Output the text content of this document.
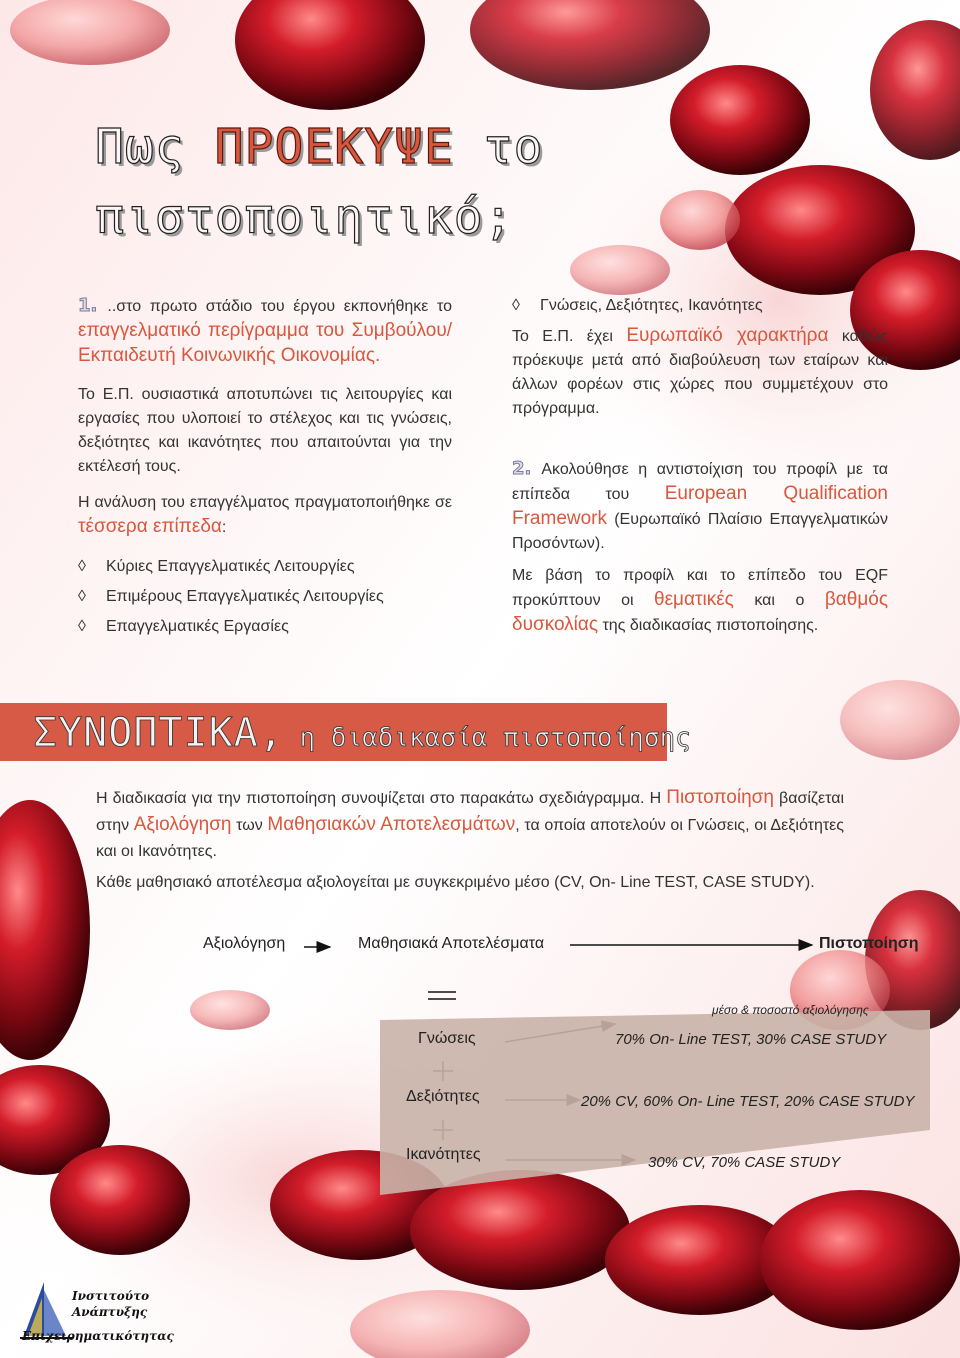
Πως ΠΡΟΕΚΥΨΕ το
πιστοποιητικό;

1. ..στο πρωτο στάδιο του έργου εκπονήθηκε το επαγγελματικό περίγραμμα του Συμβούλου/Εκπαιδευτή Κοινωνικής Οικονομίας.

Το Ε.Π. ουσιαστικά αποτυπώνει τις λειτουργίες και εργασίες που υλοποιεί το στέλεχος και τις γνώσεις, δεξιότητες και ικανότητες που απαιτούνται για την εκτέλεσή τους.

Η ανάλυση του επαγγέλματος πραγματοποιήθηκε σε τέσσερα επίπεδα:

◊ Κύριες Επαγγελματικές Λειτουργίες

◊ Επιμέρους Επαγγελματικές Λειτουργίες

◊ Επαγγελματικές Εργασίες

◊ Γνώσεις, Δεξιότητες, Ικανότητες

Το Ε.Π. έχει Ευρωπαϊκό χαρακτήρα καθώς πρόεκυψε μετά από διαβούλευση των εταίρων και άλλων φορέων στις χώρες που συμμετέχουν στο πρόγραμμα.

2. Ακολούθησε η αντιστοίχιση του προφίλ με τα επίπεδα του European Qualification Framework (Ευρωπαϊκό Πλαίσιο Επαγγελματικών Προσόντων).

Με βάση το προφίλ και το επίπεδο του EQF προκύπτουν οι θεματικές και ο βαθμός δυσκολίας της διαδικασίας πιστοποίησης.

ΣΥΝΟΠΤΙΚΑ, η διαδικασία πιστοποίησης

Η διαδικασία για την πιστοποίηση συνοψίζεται στο παρακάτω σχεδιάγραμμα. Η Πιστοποίηση βασίζεται στην Αξιολόγηση των Μαθησιακών Αποτελεσμάτων, τα οποία αποτελούν οι Γνώσεις, οι Δεξιότητες και οι Ικανότητες.

Κάθε μαθησιακό αποτέλεσμα αξιολογείται με συγκεκριμένο μέσο (CV, On- Line TEST, CASE STUDY).

Αξιολόγηση	Μαθησιακά Αποτελέσματα	Πιστοποίηση
μέσο & ποσοστό αξιολόγησης
Γνώσεις
Δεξιότητες
Ικανότητες
70% On- Line TEST, 30% CASE STUDY
20% CV, 60% On- Line TEST, 20% CASE STUDY
30% CV, 70% CASE STUDY
Ινστιτούτο
Ανάπτυξης
Επιχειρηματικότητας
